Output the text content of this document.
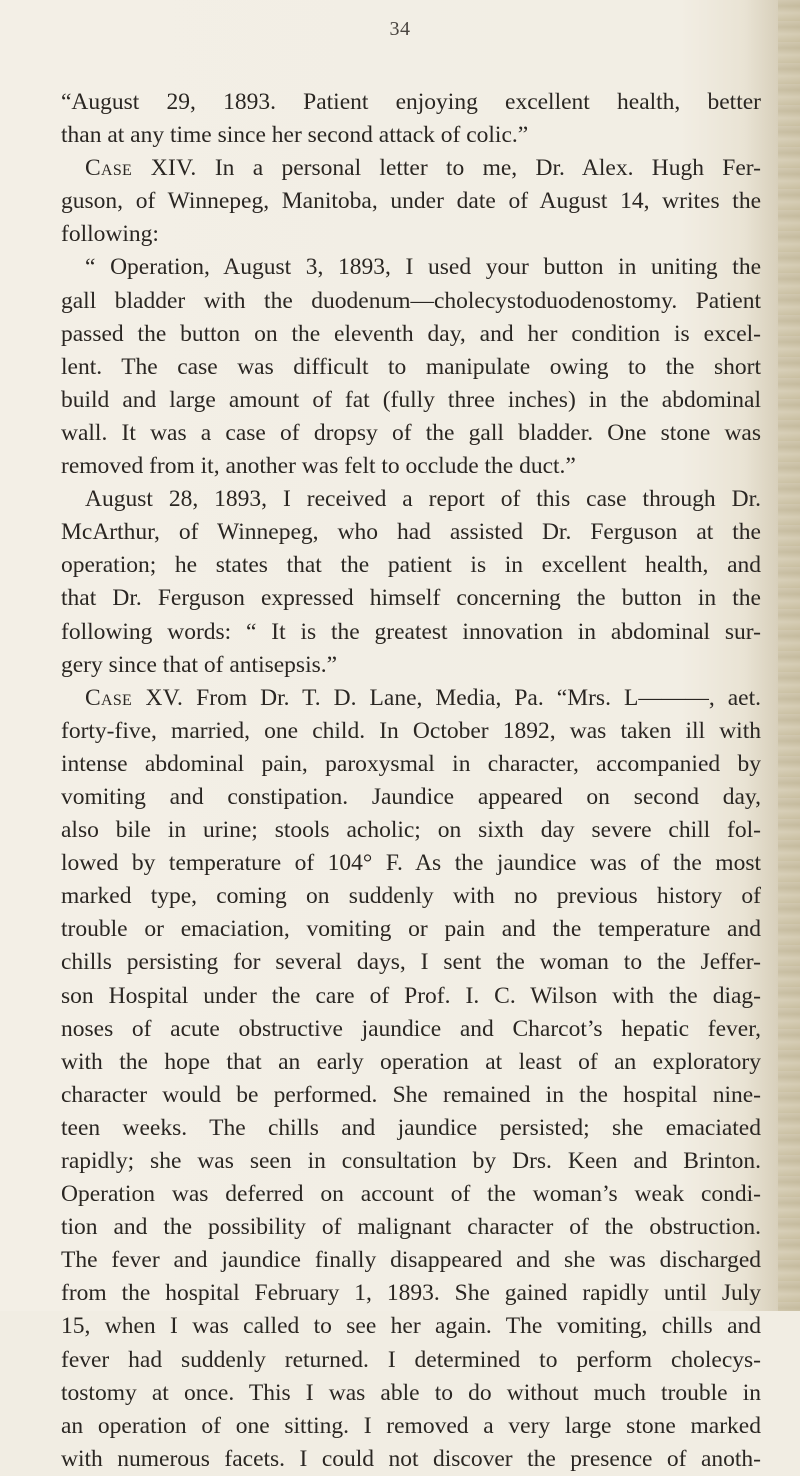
34
“August 29, 1893. Patient enjoying excellent health, better
than at any time since her second attack of colic.”
Case XIV. In a personal letter to me, Dr. Alex. Hugh Fer-
guson, of Winnepeg, Manitoba, under date of August 14, writes the
following:
“ Operation, August 3, 1893, I used your button in uniting the
gall bladder with the duodenum—cholecystoduodenostomy. Patient
passed the button on the eleventh day, and her condition is excel-
lent. The case was difficult to manipulate owing to the short
build and large amount of fat (fully three inches) in the abdominal
wall. It was a case of dropsy of the gall bladder. One stone was
removed from it, another was felt to occlude the duct.”
August 28, 1893, I received a report of this case through Dr.
McArthur, of Winnepeg, who had assisted Dr. Ferguson at the
operation; he states that the patient is in excellent health, and
that Dr. Ferguson expressed himself concerning the button in the
following words: “ It is the greatest innovation in abdominal sur-
gery since that of antisepsis.”
Case XV. From Dr. T. D. Lane, Media, Pa. “Mrs. L———, aet.
forty-five, married, one child. In October 1892, was taken ill with
intense abdominal pain, paroxysmal in character, accompanied by
vomiting and constipation. Jaundice appeared on second day,
also bile in urine; stools acholic; on sixth day severe chill fol-
lowed by temperature of 104° F. As the jaundice was of the most
marked type, coming on suddenly with no previous history of
trouble or emaciation, vomiting or pain and the temperature and
chills persisting for several days, I sent the woman to the Jeffer-
son Hospital under the care of Prof. I. C. Wilson with the diag-
noses of acute obstructive jaundice and Charcot’s hepatic fever,
with the hope that an early operation at least of an exploratory
character would be performed. She remained in the hospital nine-
teen weeks. The chills and jaundice persisted; she emaciated
rapidly; she was seen in consultation by Drs. Keen and Brinton.
Operation was deferred on account of the woman’s weak condi-
tion and the possibility of malignant character of the obstruction.
The fever and jaundice finally disappeared and she was discharged
from the hospital February 1, 1893. She gained rapidly until July
15, when I was called to see her again. The vomiting, chills and
fever had suddenly returned. I determined to perform cholecys-
tostomy at once. This I was able to do without much trouble in
an operation of one sitting. I removed a very large stone marked
with numerous facets. I could not discover the presence of anoth-
